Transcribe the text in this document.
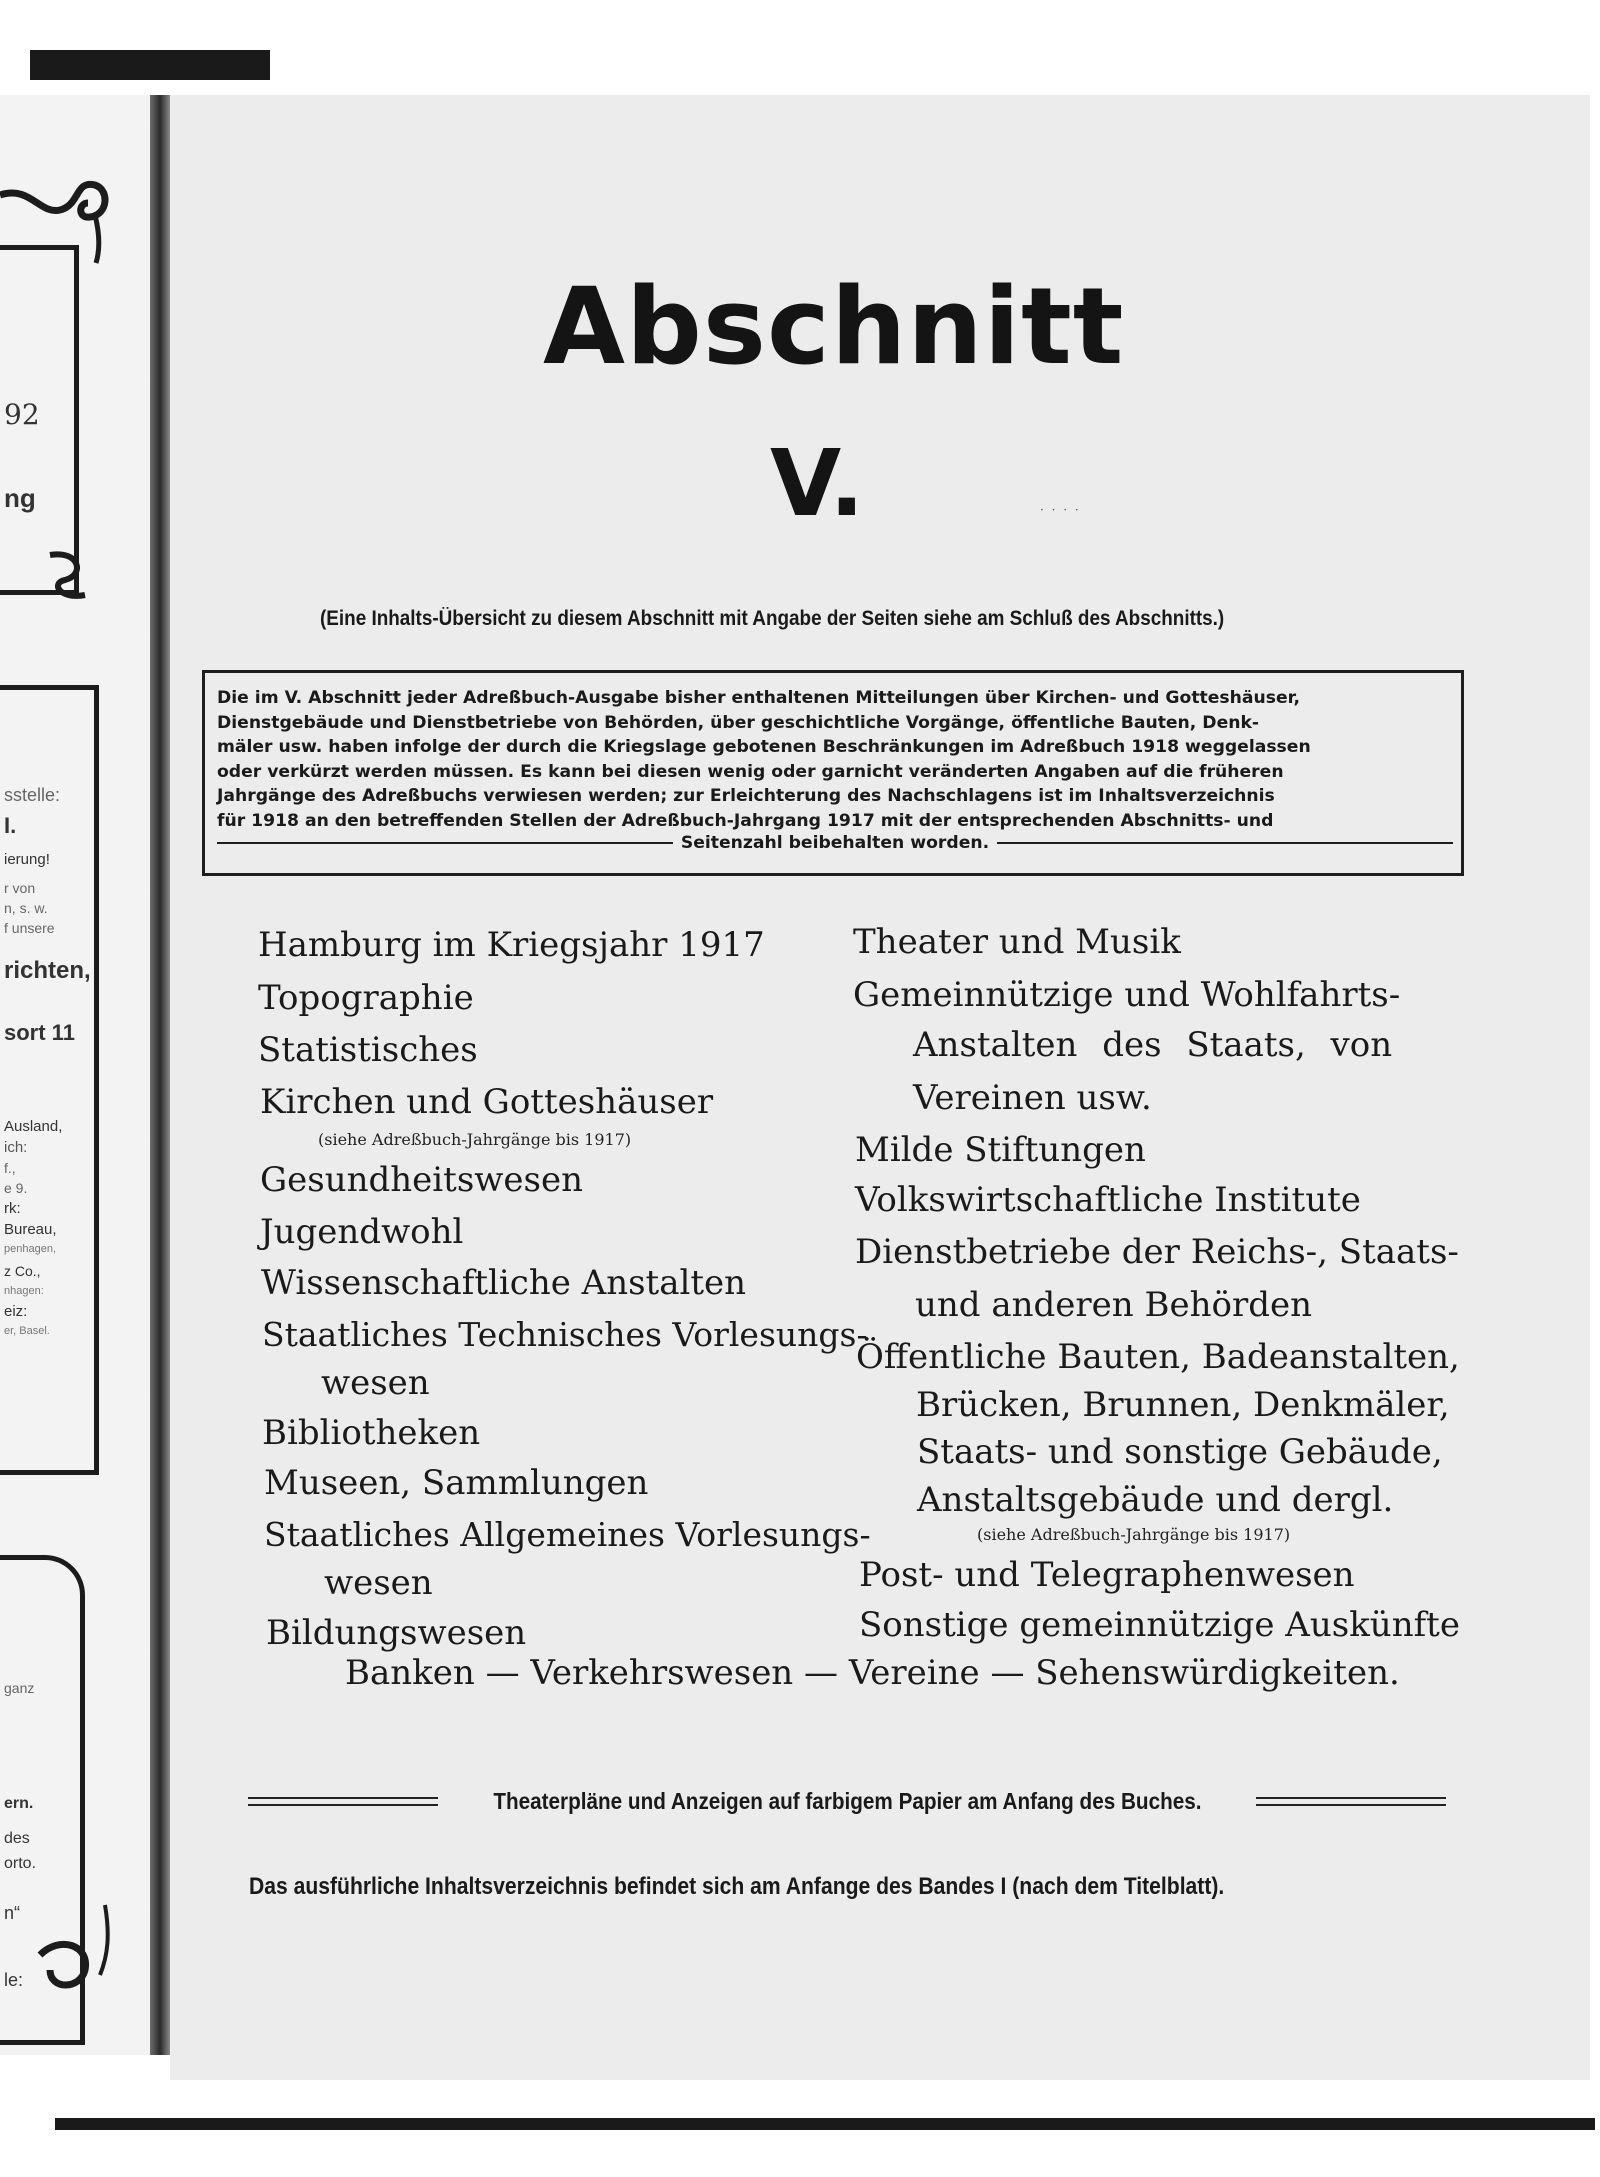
92
ng
sstelle:
I.
ierung!
r von
n, s. w.
f unsere
richten,
sort 11
Ausland,
ich:
f.,
e 9.
rk:
Bureau,
penhagen,
z Co.,
nhagen:
eiz:
er, Basel.
ganz
ern.
des
orto.
n“
le:
Abschnitt
V.	· · · ·
(Eine Inhalts-Übersicht zu diesem Abschnitt mit Angabe der Seiten siehe am Schluß des Abschnitts.)
Die im V. Abschnitt jeder Adreßbuch-Ausgabe bisher enthaltenen Mitteilungen über Kirchen- und Gotteshäuser,
Dienstgebäude und Dienstbetriebe von Behörden, über geschichtliche Vorgänge, öffentliche Bauten, Denk-
mäler usw. haben infolge der durch die Kriegslage gebotenen Beschränkungen im Adreßbuch 1918 weggelassen
oder verkürzt werden müssen. Es kann bei diesen wenig oder garnicht veränderten Angaben auf die früheren
Jahrgänge des Adreßbuchs verwiesen werden; zur Erleichterung des Nachschlagens ist im Inhaltsverzeichnis
für 1918 an den betreffenden Stellen der Adreßbuch-Jahrgang 1917 mit der entsprechenden Abschnitts- und
Seitenzahl beibehalten worden.
Hamburg im Kriegsjahr 1917
Topographie
Statistisches
Kirchen und Gotteshäuser
(siehe Adreßbuch-Jahrgänge bis 1917)
Gesundheitswesen
Jugendwohl
Wissenschaftliche Anstalten
Staatliches Technisches Vorlesungs-
wesen
Bibliotheken
Museen, Sammlungen
Staatliches Allgemeines Vorlesungs-
wesen
Bildungswesen
Theater und Musik
Gemeinnützige und Wohlfahrts-
Anstalten des Staats, von
Vereinen usw.
Milde Stiftungen
Volkswirtschaftliche Institute
Dienstbetriebe der Reichs-, Staats-
und anderen Behörden
Öffentliche Bauten, Badeanstalten,
Brücken, Brunnen, Denkmäler,
Staats- und sonstige Gebäude,
Anstaltsgebäude und dergl.
(siehe Adreßbuch-Jahrgänge bis 1917)
Post- und Telegraphenwesen
Sonstige gemeinnützige Auskünfte
Banken — Verkehrswesen — Vereine — Sehenswürdigkeiten.
Theaterpläne und Anzeigen auf farbigem Papier am Anfang des Buches.
Das ausführliche Inhaltsverzeichnis befindet sich am Anfange des Bandes I (nach dem Titelblatt).
